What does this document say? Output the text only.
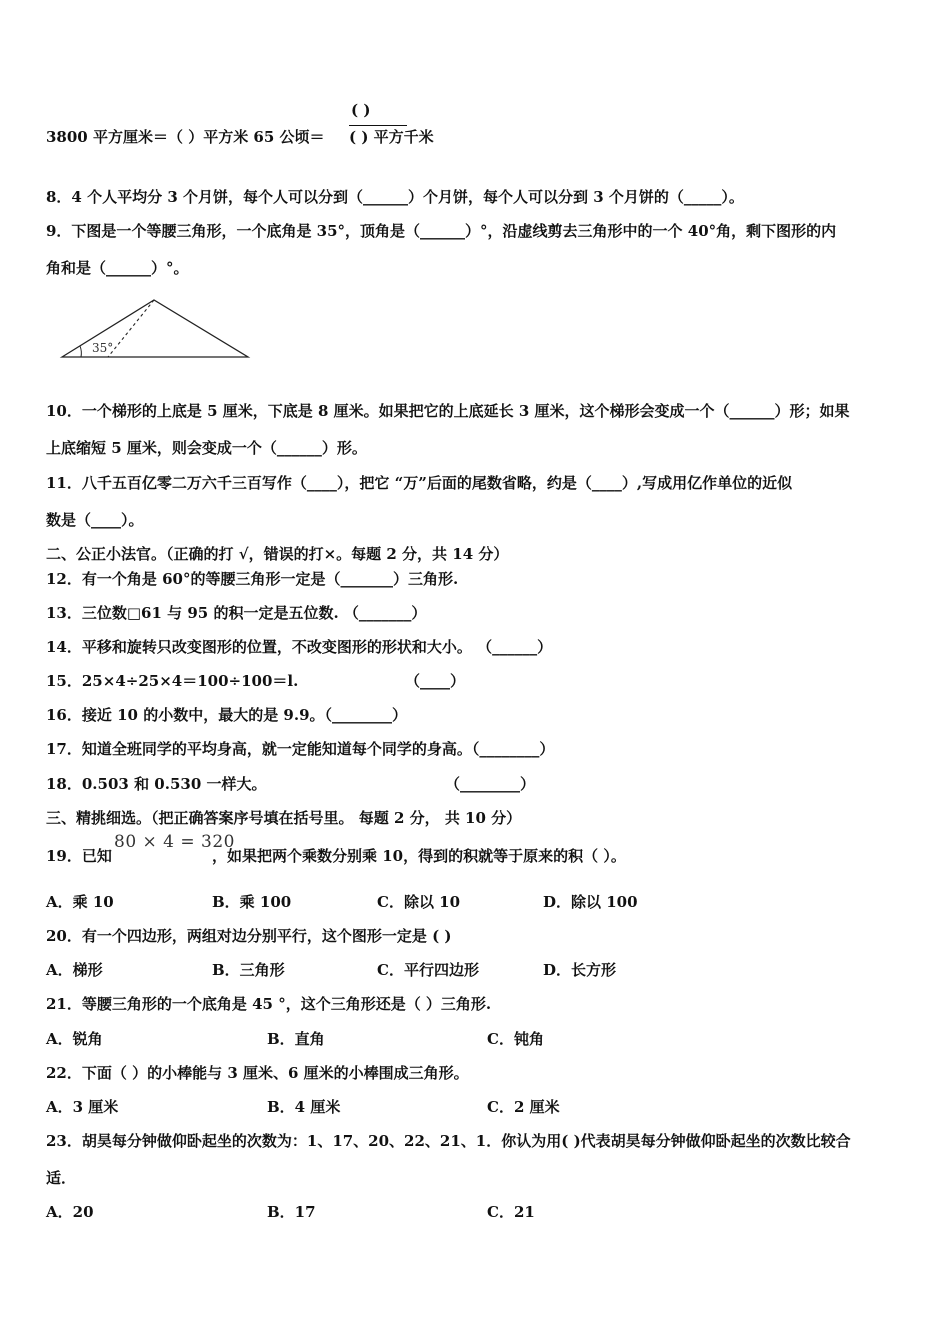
( )
3800 平方厘米＝（ ）平方米 65 公顷＝ ( ) 平方千米
8．4 个人平均分 3 个月饼，每个人可以分到（______）个月饼，每个人可以分到 3 个月饼的（_____）。
9．下图是一个等腰三角形，一个底角是 35°，顶角是（______）°，沿虚线剪去三角形中的一个 40°角，剩下图形的内
角和是（______）°。
35°
10．一个梯形的上底是 5 厘米，下底是 8 厘米。如果把它的上底延长 3 厘米，这个梯形会变成一个（______）形；如果
上底缩短 5 厘米，则会变成一个（______）形。
11．八千五百亿零二万六千三百写作（____），把它 “万”后面的尾数省略，约是（____）,写成用亿作单位的近似
数是（____）。
二、公正小法官。（正确的打 √，错误的打×。每题 2 分，共 14 分）
12．有一个角是 60°的等腰三角形一定是（_______）三角形.
13．三位数□61 与 95 的积一定是五位数. （_______）
14．平移和旋转只改变图形的位置，不改变图形的形状和大小。 （______）
15．25×4÷25×4＝100÷100＝l.	（____）
16．接近 10 的小数中，最大的是 9.9。（________）
17．知道全班同学的平均身高，就一定能知道每个同学的身高。（________）
18．0.503 和 0.530 一样大。	（________）
三、精挑细选。（把正确答案序号填在括号里。 每题 2 分， 共 10 分）
19．已知
80 × 4 = 320
，如果把两个乘数分别乘 10，得到的积就等于原来的积（ ）。
A．乘 10	B．乘 100	C．除以 10	D．除以 100
20．有一个四边形，两组对边分别平行，这个图形一定是 ( )
A．梯形	B．三角形	C．平行四边形	D．长方形
21．等腰三角形的一个底角是 45 °，这个三角形还是（ ）三角形.
A．锐角	B．直角	C．钝角
22．下面（ ）的小棒能与 3 厘米、6 厘米的小棒围成三角形。
A．3 厘米	B．4 厘米	C．2 厘米
23．胡昊每分钟做仰卧起坐的次数为：1、17、20、22、21、1．你认为用( )代表胡昊每分钟做仰卧起坐的次数比较合
适．
A．20	B．17	C．21
